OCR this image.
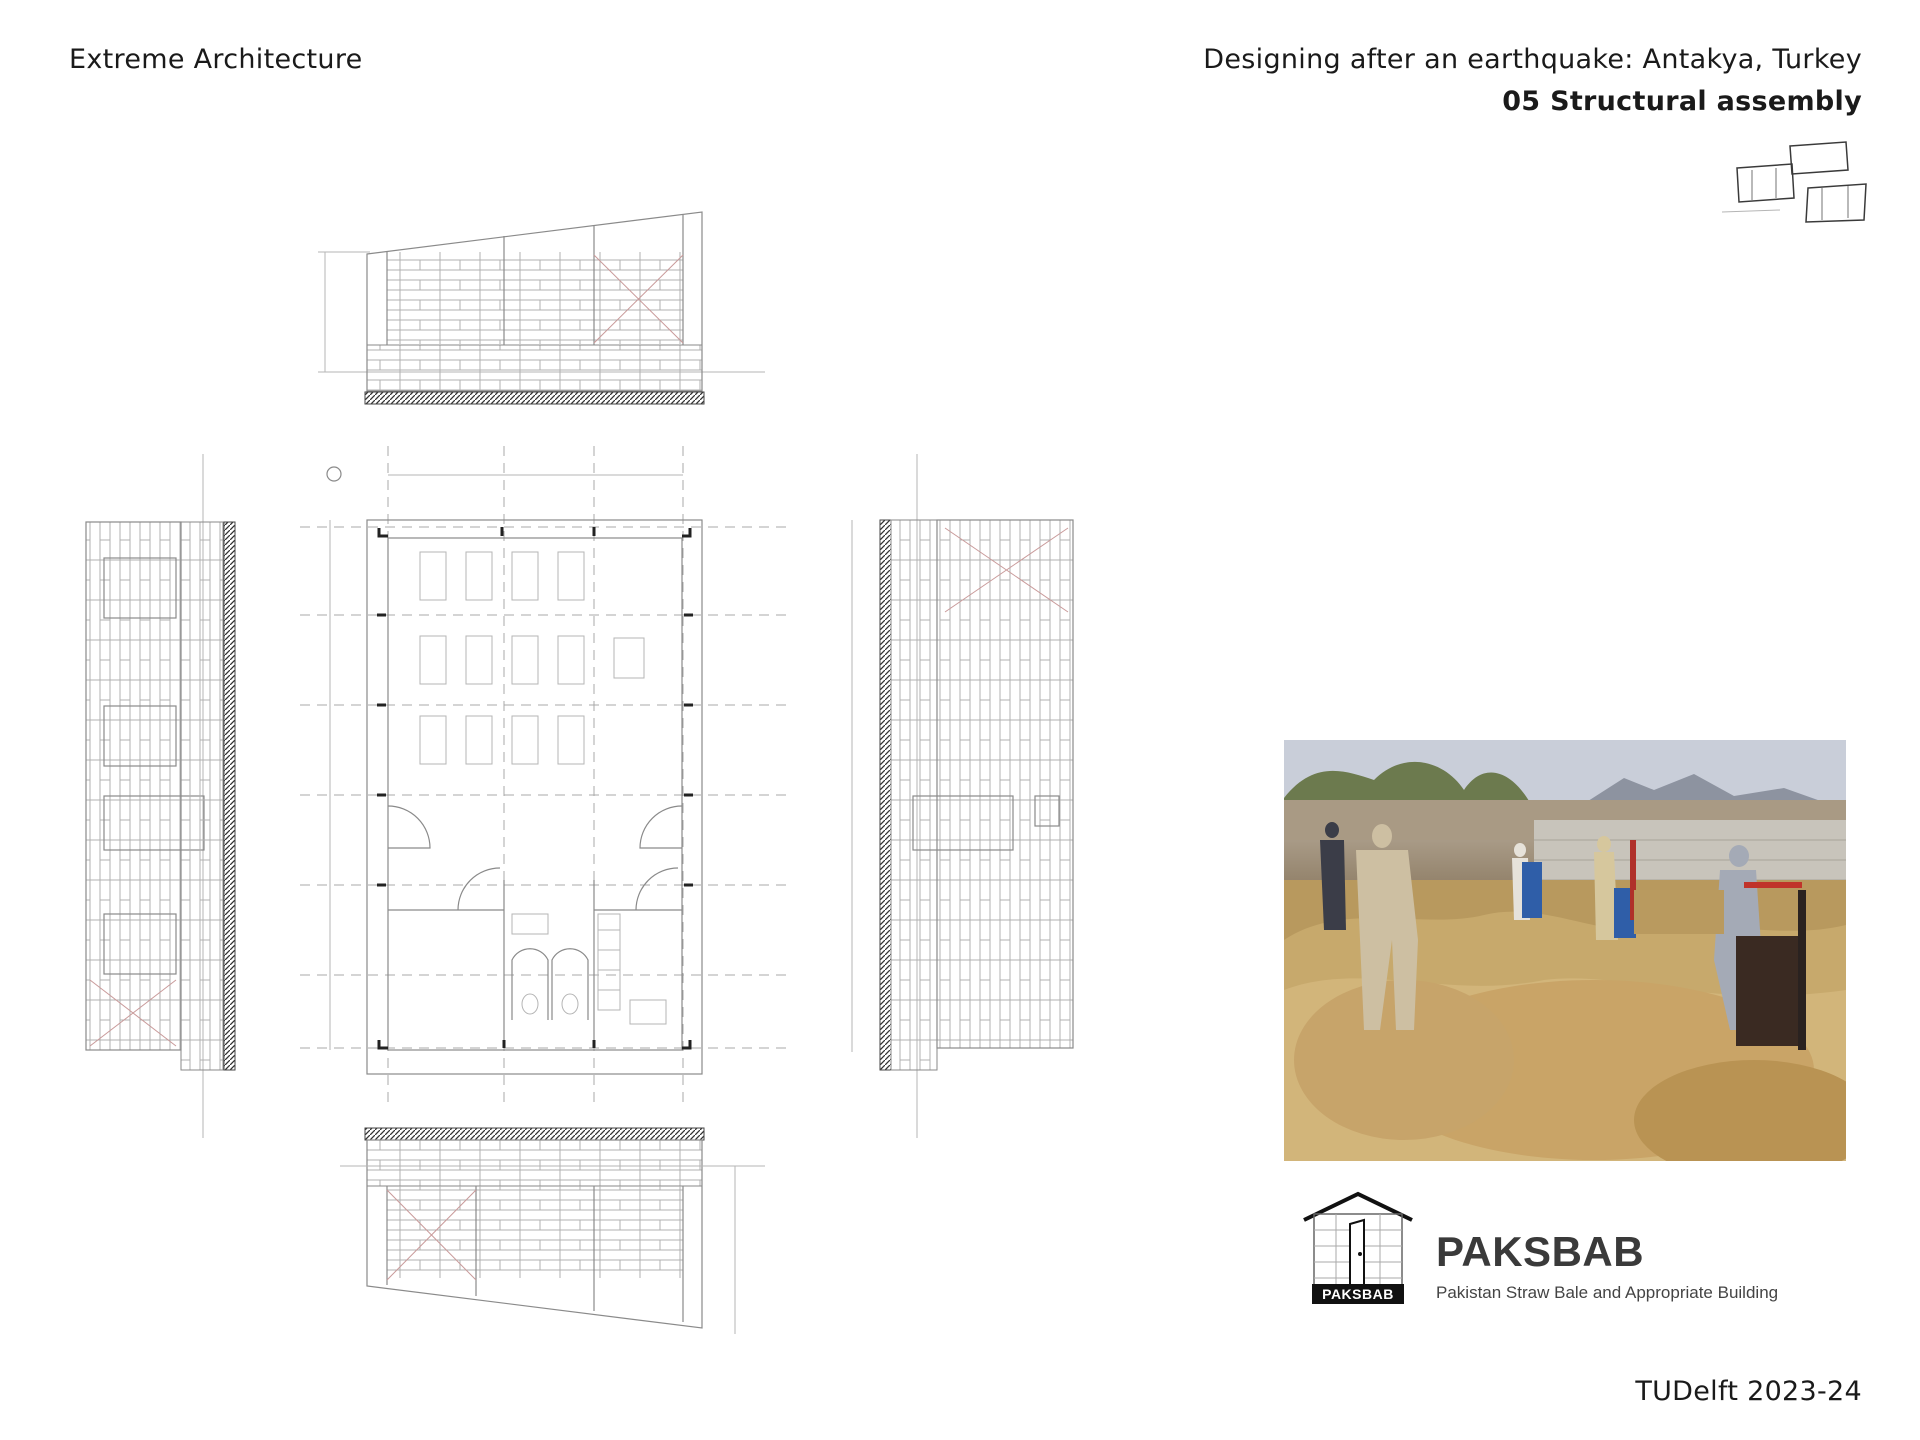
Extreme Architecture	Designing after an earthquake: Antakya, Turkey
05 Structural assembly
PAKSBAB
PAKSBAB
Pakistan Straw Bale and Appropriate Building
TUDelft 2023-24
